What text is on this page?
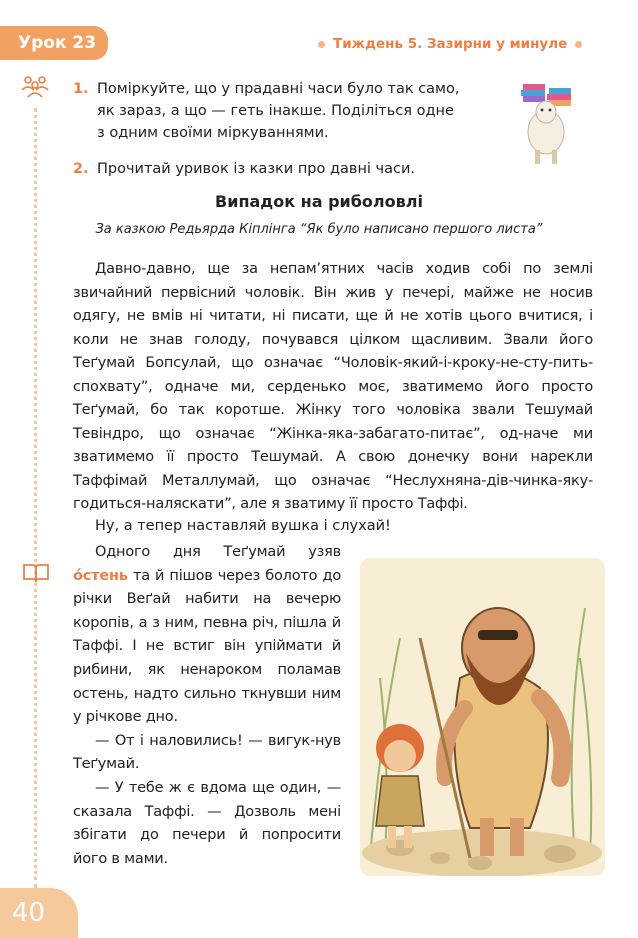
Урок 23	Тиждень 5. Зазирни у минуле
1. Поміркуйте, що у прадавні часи було так само,
як зараз, а що — геть інакше. Поділіться одне
з одним своїми міркуваннями.
2. Прочитай уривок із казки про давні часи.
Випадок на риболовлі
За казкою Редьярда Кіплінга “Як було написано першого листа”
Давно-давно, ще за непам’ятних часів ходив собі по землі звичайний первісний чоловік. Він жив у печері, майже не носив одягу, не вмів ні читати, ні писати, ще й не хотів цього вчитися, і коли не знав голоду, почувався цілком щасливим. Звали його Теґумай Бопсулай, що означає “Чоловік-який-і-кроку-не-сту-пить-спохвату”, одначе ми, серденько моє, зватимемо його просто Теґумай, бо так коротше. Жінку того чоловіка звали Тешумай Тевіндро, що означає “Жінка-яка-забагато-питає”, од-наче ми зватимемо її просто Тешумай. А свою донечку вони нарекли Таффімай Металлумай, що означає “Неслухняна-дів-чинка-яку-годиться-наляскати”, але я зватиму її просто Таффі.
Ну, а тепер наставляй вушка і слухай!

Одного дня Теґумай узяв о́стень та й пішов через болото до річки Веґай набити на вечерю коропів, а з ним, певна річ, пішла й Таффі. І не встиг він упіймати й рибини, як ненароком поламав остень, надто сильно ткнувши ним у річкове дно.

— От і наловились! — вигук-нув Теґумай.

— У тебе ж є вдома ще один, — сказала Таффі. — Дозволь мені збігати до печери й попросити його в мами.

40
